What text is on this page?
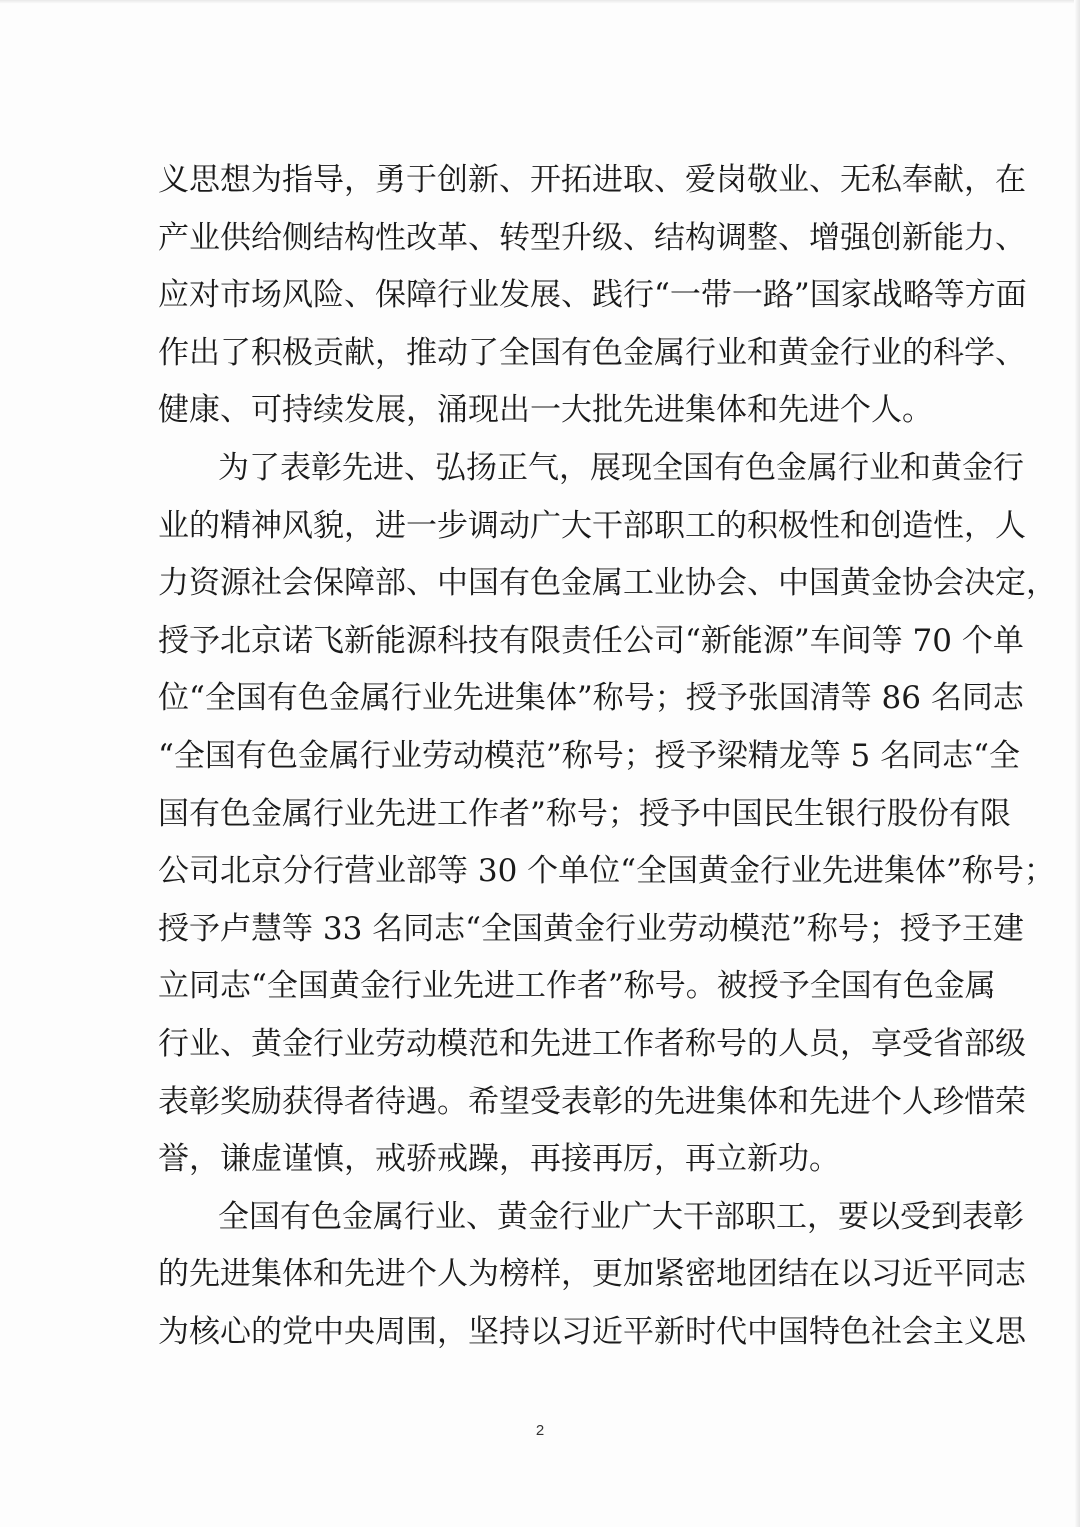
义思想为指导，勇于创新、开拓进取、爱岗敬业、无私奉献，在
产业供给侧结构性改革、转型升级、结构调整、增强创新能力、
应对市场风险、保障行业发展、践行“一带一路”国家战略等方面
作出了积极贡献，推动了全国有色金属行业和黄金行业的科学、
健康、可持续发展，涌现出一大批先进集体和先进个人。
为了表彰先进、弘扬正气，展现全国有色金属行业和黄金行
业的精神风貌，进一步调动广大干部职工的积极性和创造性，人
力资源社会保障部、中国有色金属工业协会、中国黄金协会决定，
授予北京诺飞新能源科技有限责任公司“新能源”车间等 70 个单
位“全国有色金属行业先进集体”称号；授予张国清等 86 名同志
“全国有色金属行业劳动模范”称号；授予梁精龙等 5 名同志“全
国有色金属行业先进工作者”称号；授予中国民生银行股份有限
公司北京分行营业部等 30 个单位“全国黄金行业先进集体”称号；
授予卢慧等 33 名同志“全国黄金行业劳动模范”称号；授予王建
立同志“全国黄金行业先进工作者”称号。被授予全国有色金属
行业、黄金行业劳动模范和先进工作者称号的人员，享受省部级
表彰奖励获得者待遇。希望受表彰的先进集体和先进个人珍惜荣
誉，谦虚谨慎，戒骄戒躁，再接再厉，再立新功。
全国有色金属行业、黄金行业广大干部职工，要以受到表彰
的先进集体和先进个人为榜样，更加紧密地团结在以习近平同志
为核心的党中央周围，坚持以习近平新时代中国特色社会主义思
2
